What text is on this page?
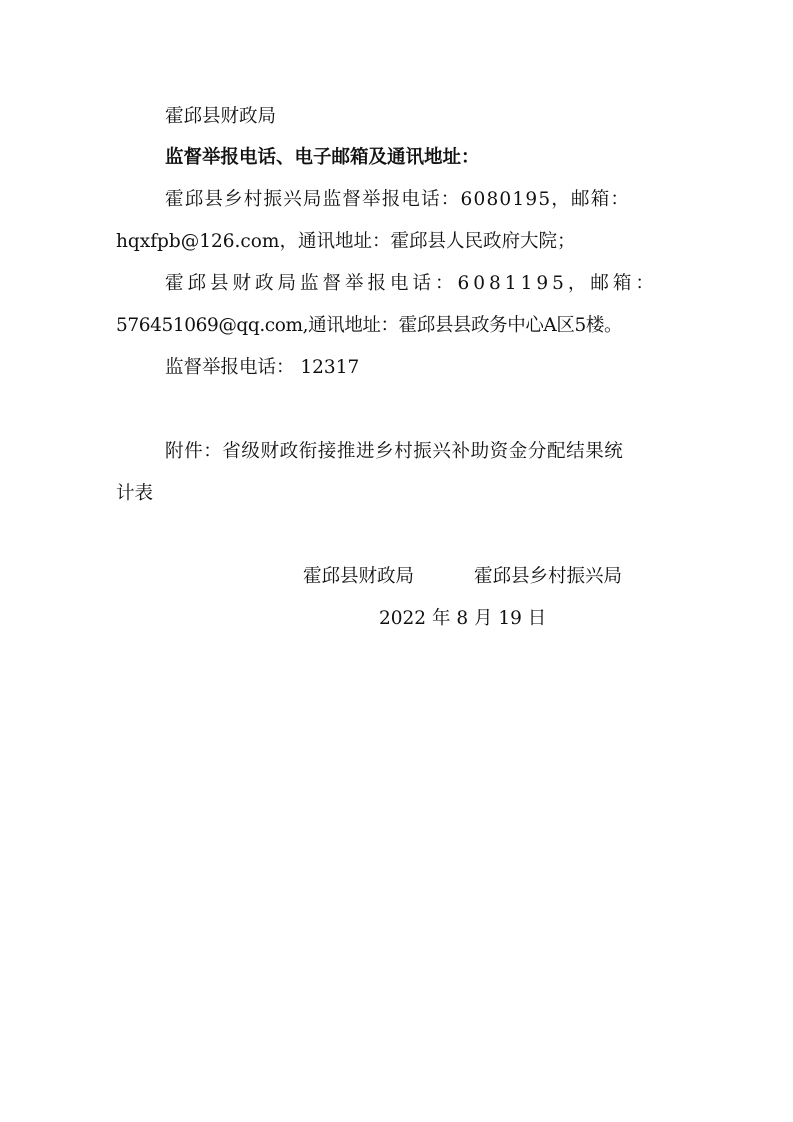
霍邱县财政局

监督举报电话、电子邮箱及通讯地址：

霍邱县乡村振兴局监督举报电话：6080195，邮箱：

hqxfpb@126.com，通讯地址：霍邱县人民政府大院；

霍邱县财政局监督举报电话：6081195，邮箱：

576451069@qq.com,通讯地址：霍邱县县政务中心A区5楼。

监督举报电话： 12317

附件：省级财政衔接推进乡村振兴补助资金分配结果统

计表

霍邱县财政局	霍邱县乡村振兴局

2022 年 8 月 19 日
